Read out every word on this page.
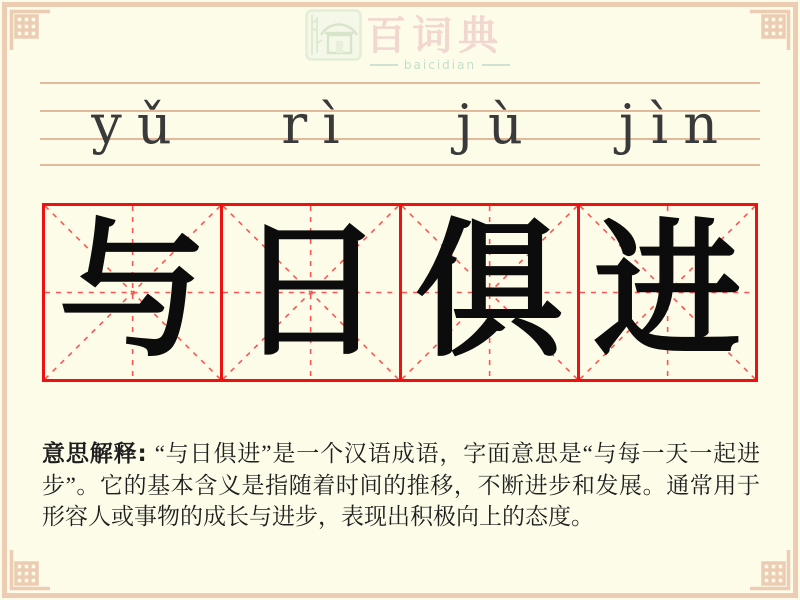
百词典
baicidian
yǔ	rì	jù	jìn
与 日 俱 进
意思解释: “与日俱进”是一个汉语成语，字面意思是“与每一天一起进步”。它的基本含义是指随着时间的推移，不断进步和发展。通常用于形容人或事物的成长与进步，表现出积极向上的态度。
